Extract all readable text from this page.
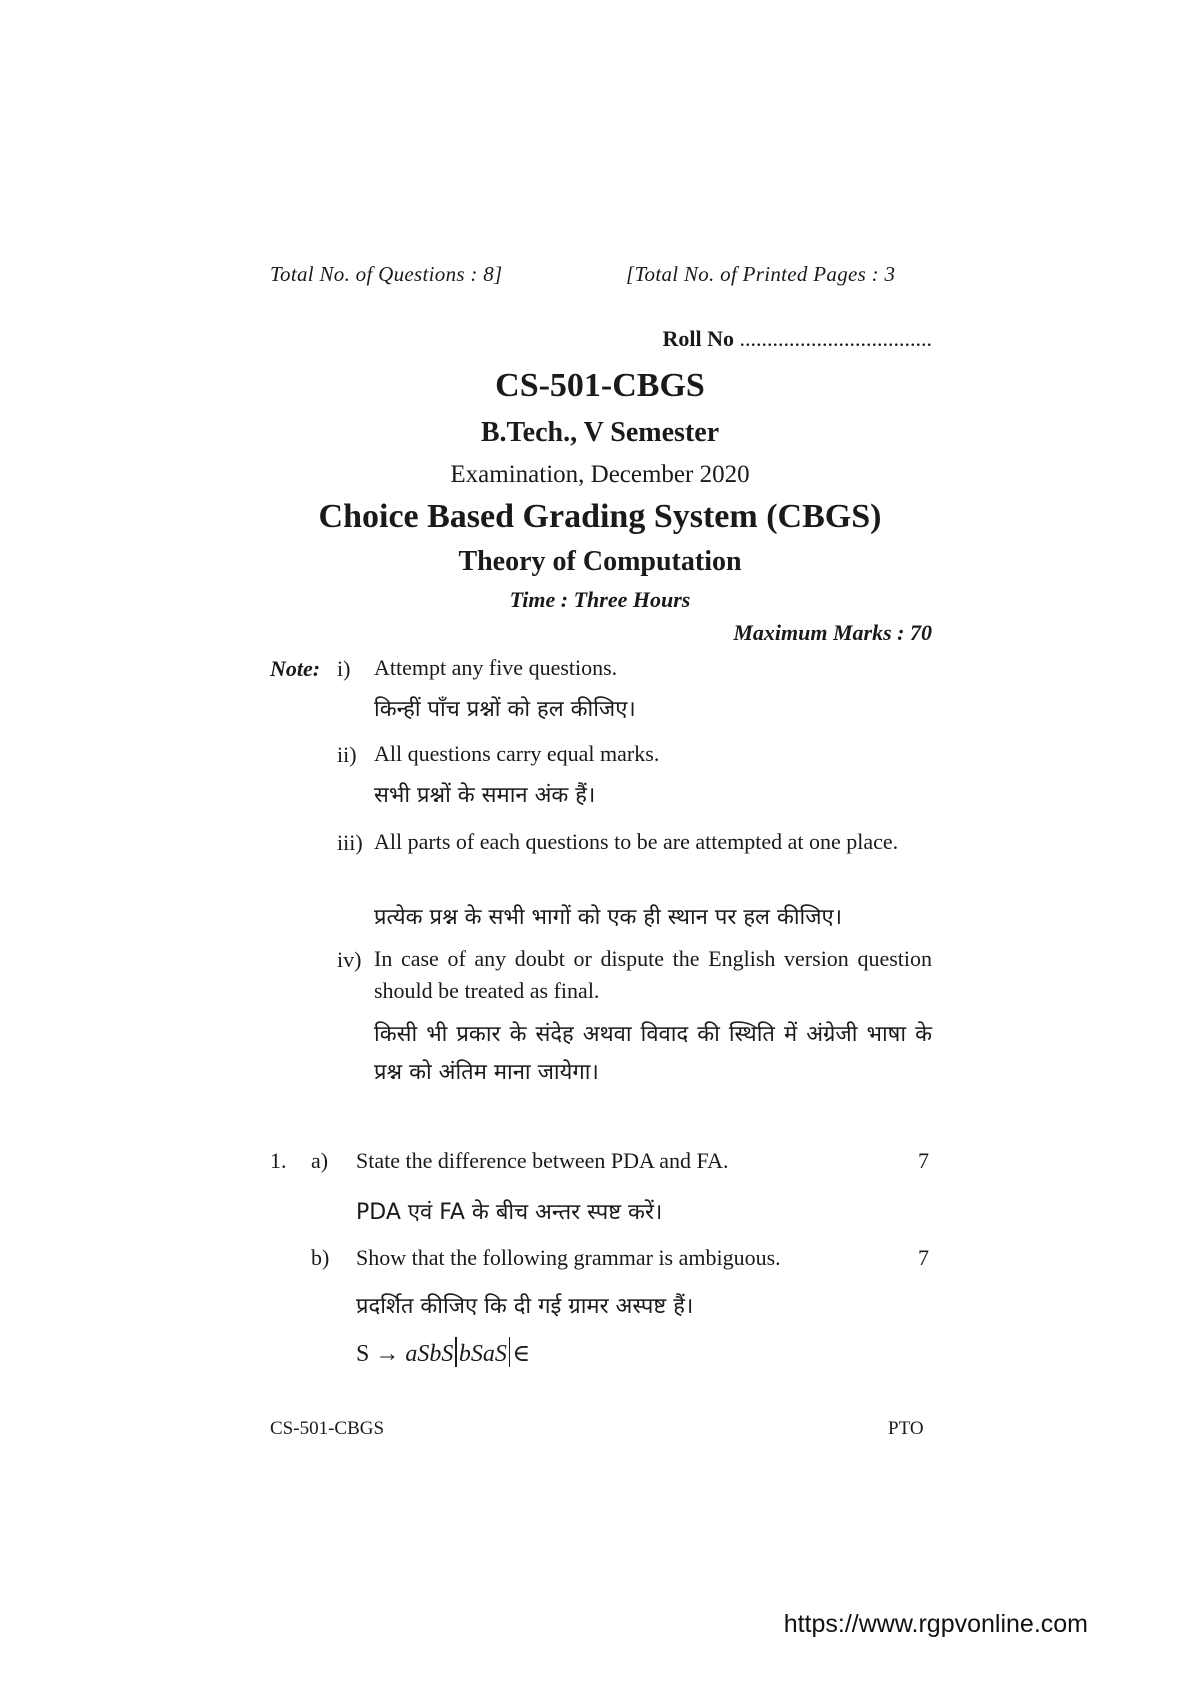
Total No. of Questions : 8]	[Total No. of Printed Pages : 3
Roll No ...................................
CS-501-CBGS
B.Tech., V Semester
Examination, December 2020
Choice Based Grading System (CBGS)
Theory of Computation
Time : Three Hours
Maximum Marks : 70
Note: i) Attempt any five questions.
किन्हीं पाँच प्रश्नों को हल कीजिए।
ii) All questions carry equal marks.
सभी प्रश्नों के समान अंक हैं।
iii) All parts of each questions to be are attempted at one place.
प्रत्येक प्रश्न के सभी भागों को एक ही स्थान पर हल कीजिए।
iv) In case of any doubt or dispute the English version question should be treated as final.
किसी भी प्रकार के संदेह अथवा विवाद की स्थिति में अंग्रेजी भाषा के प्रश्न को अंतिम माना जायेगा।
1. a) State the difference between PDA and FA.	7
PDA एवं FA के बीच अन्तर स्पष्ट करें।
b) Show that the following grammar is ambiguous.	7
प्रदर्शित कीजिए कि दी गई ग्रामर अस्पष्ट हैं।
S → aSbS bSaS ∈
CS-501-CBGS	PTO
https://www.rgpvonline.com
